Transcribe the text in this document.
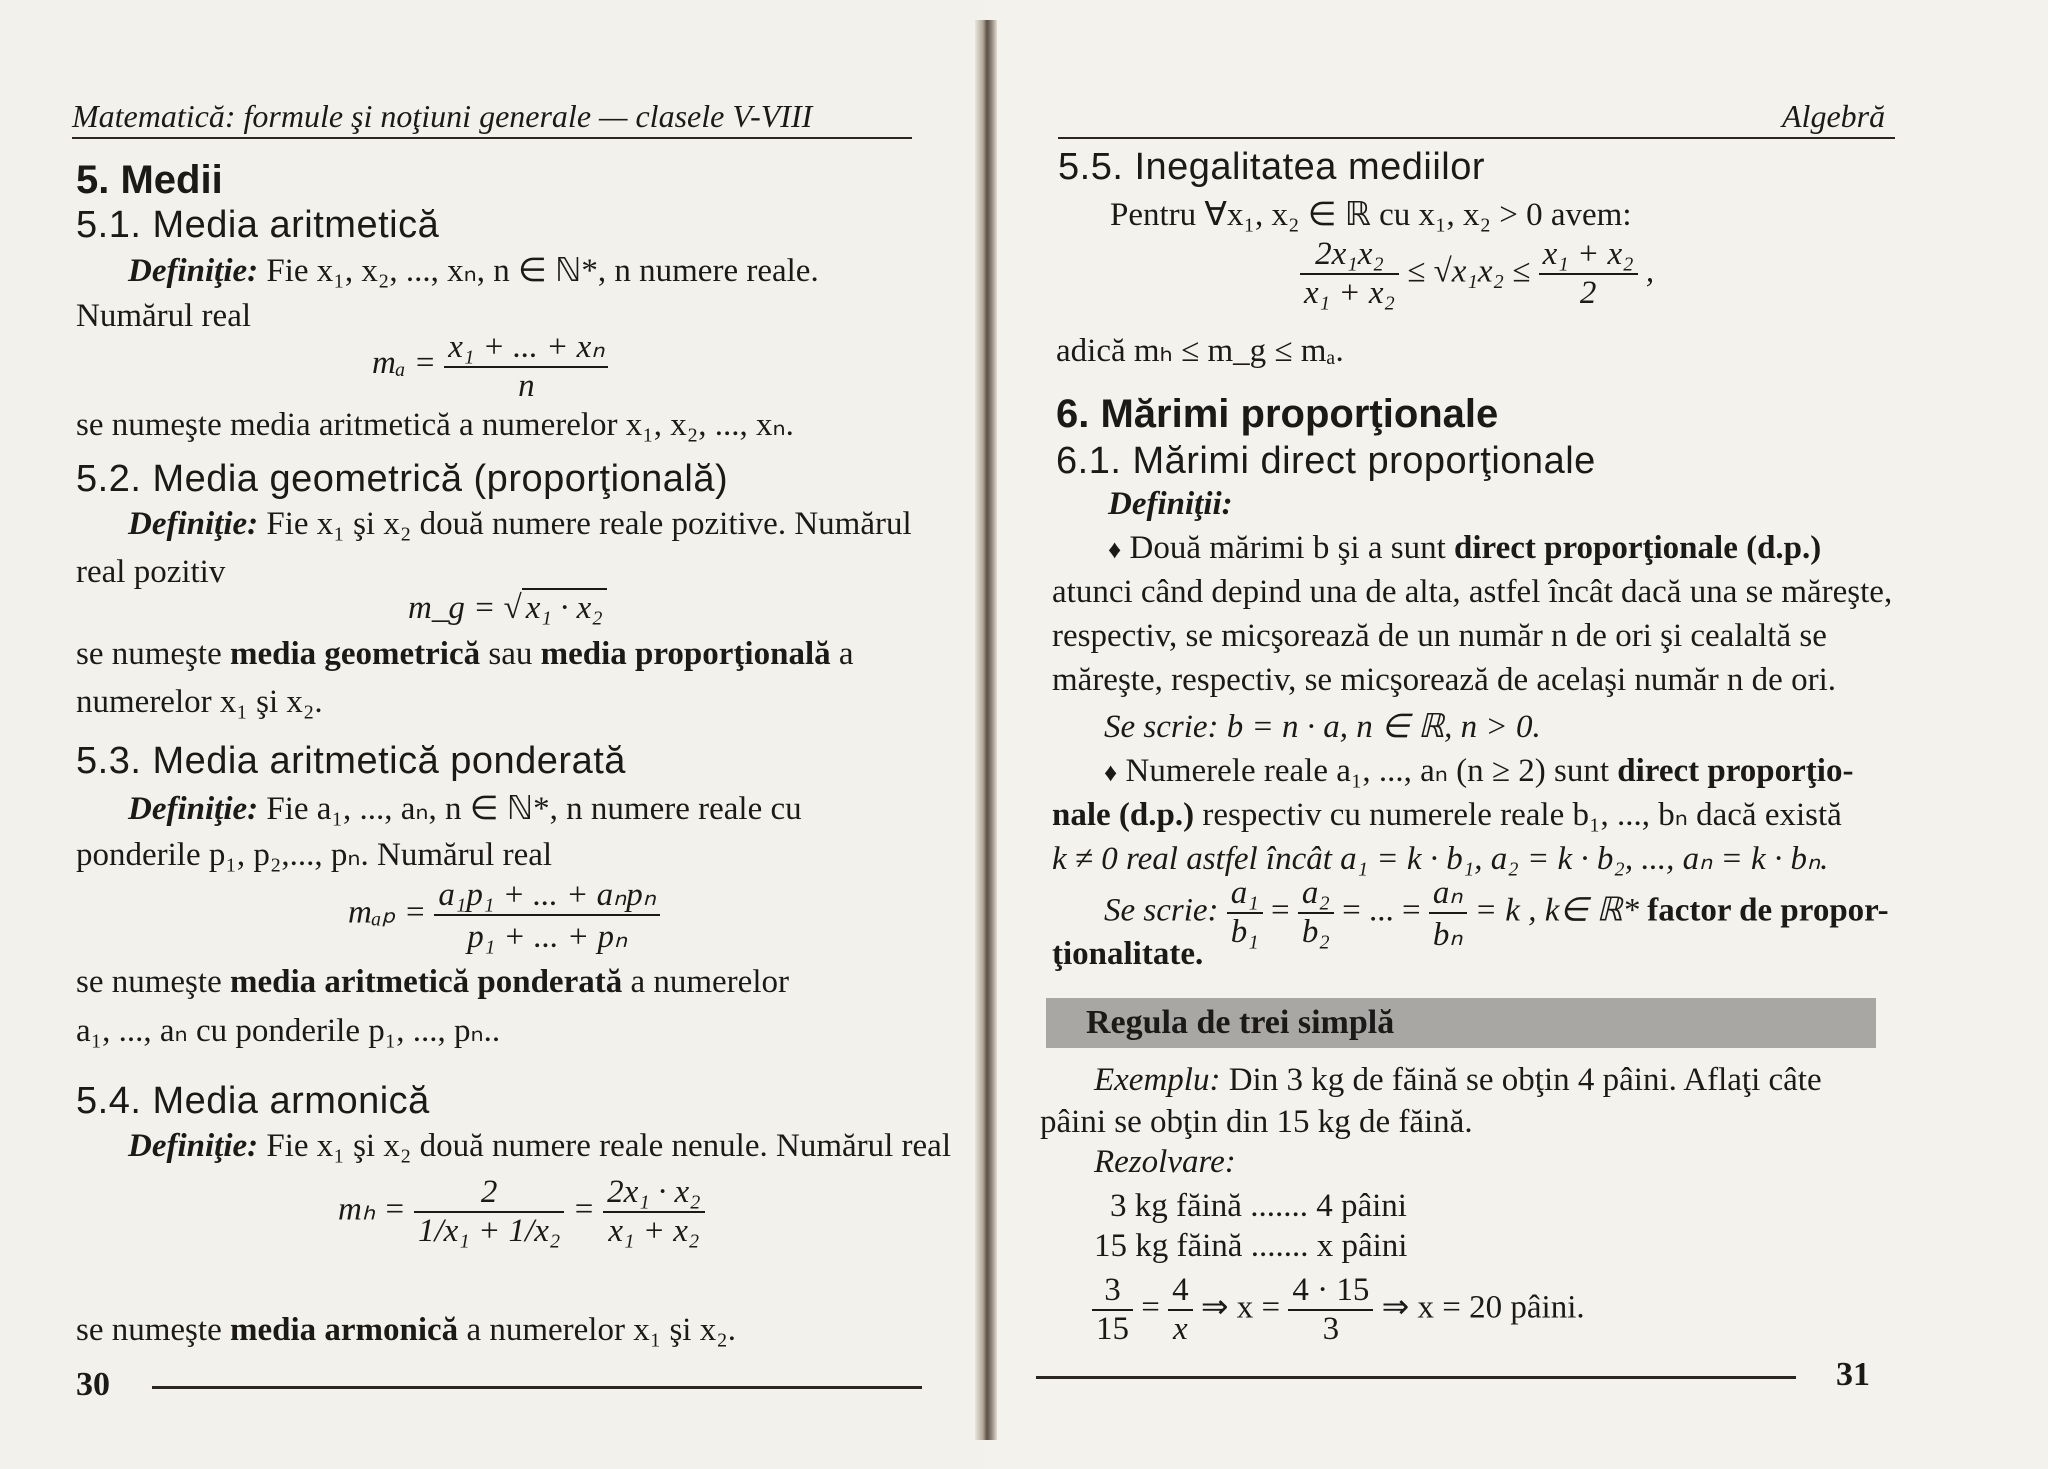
Matematică: formule şi noţiuni generale — clasele V-VIII
5. Medii
5.1. Media aritmetică
Definiţie: Fie x₁, x₂, ..., xₙ, n ∈ ℕ*, n numere reale.
Numărul real
$m_a = \frac{\text{x₁ + ... + xₙ}}{n}$
se numeşte media aritmetică a numerelor x₁, x₂, ..., xₙ.
5.2. Media geometrică (proporţională)
Definiţie: Fie x₁ şi x₂ două numere reale pozitive. Numărul
real pozitiv
m_g = √ x₁ · x₂
se numeşte media geometrică sau media proporţională a
numerelor x₁ şi x₂.
5.3. Media aritmetică ponderată
Definiţie: Fie a₁, ..., aₙ, n ∈ ℕ*, n numere reale cu
ponderile p₁, p₂,..., pₙ. Numărul real
$m_{ap} = \frac{\text{a₁p₁ + ... + aₙpₙ}}{\text{p₁ + ... + pₙ}}$
se numeşte media aritmetică ponderată a numerelor
a₁, ..., aₙ cu ponderile p₁, ..., pₙ..
5.4. Media armonică
Definiţie: Fie x₁ şi x₂ două numere reale nenule. Numărul real
$m_h = \frac{2}{\text{1/x₁ + 1/x₂}} = \frac{\text{2x₁ · x₂}}{\text{x₁ + x₂}}$
se numeşte media armonică a numerelor x₁ şi x₂.
30
Algebră
5.5. Inegalitatea mediilor
Pentru ∀x₁, x₂ ∈ ℝ cu x₁, x₂ > 0 avem:
$\frac{\text{2x₁x₂}}{\text{x₁ + x₂}} \le √x_1x_2 \le \frac{\text{x₁ + x₂}}{2}$ ,
adică mₕ ≤ m_g ≤ mₐ.
6. Mărimi proporţionale
6.1. Mărimi direct proporţionale
Definiţii:
♦ Două mărimi b şi a sunt direct proporţionale (d.p.)
atunci când depind una de alta, astfel încât dacă una se măreşte,
respectiv, se micşorează de un număr n de ori şi cealaltă se
măreşte, respectiv, se micşorează de acelaşi număr n de ori.
Se scrie: b = n · a, n ∈ ℝ, n > 0.
♦ Numerele reale a₁, ..., aₙ (n ≥ 2) sunt direct proporţio-
nale (d.p.) respectiv cu numerele reale b₁, ..., bₙ dacă există
k ≠ 0 real astfel încât a₁ = k · b₁, a₂ = k · b₂, ..., aₙ = k · bₙ.
Se scrie: $\frac{\text{a₁}}{\text{b₁}} = \frac{\text{a₂}}{\text{b₂}}$ = ... = $\frac{\text{aₙ}}{\text{bₙ}} = k$ , k∈ ℝ* factor de propor-
ţionalitate.
Regula de trei simplă
Exemplu: Din 3 kg de făină se obţin 4 pâini. Aflaţi câte
pâini se obţin din 15 kg de făină.
Rezolvare:
3 kg făină ....... 4 pâini
15 kg făină ....... x pâini
$\frac{3}{15} = \frac{4}{x}$ ⇒ $x = \frac{4 \cdot 15}{3}$ ⇒ x = 20 pâini.
31
